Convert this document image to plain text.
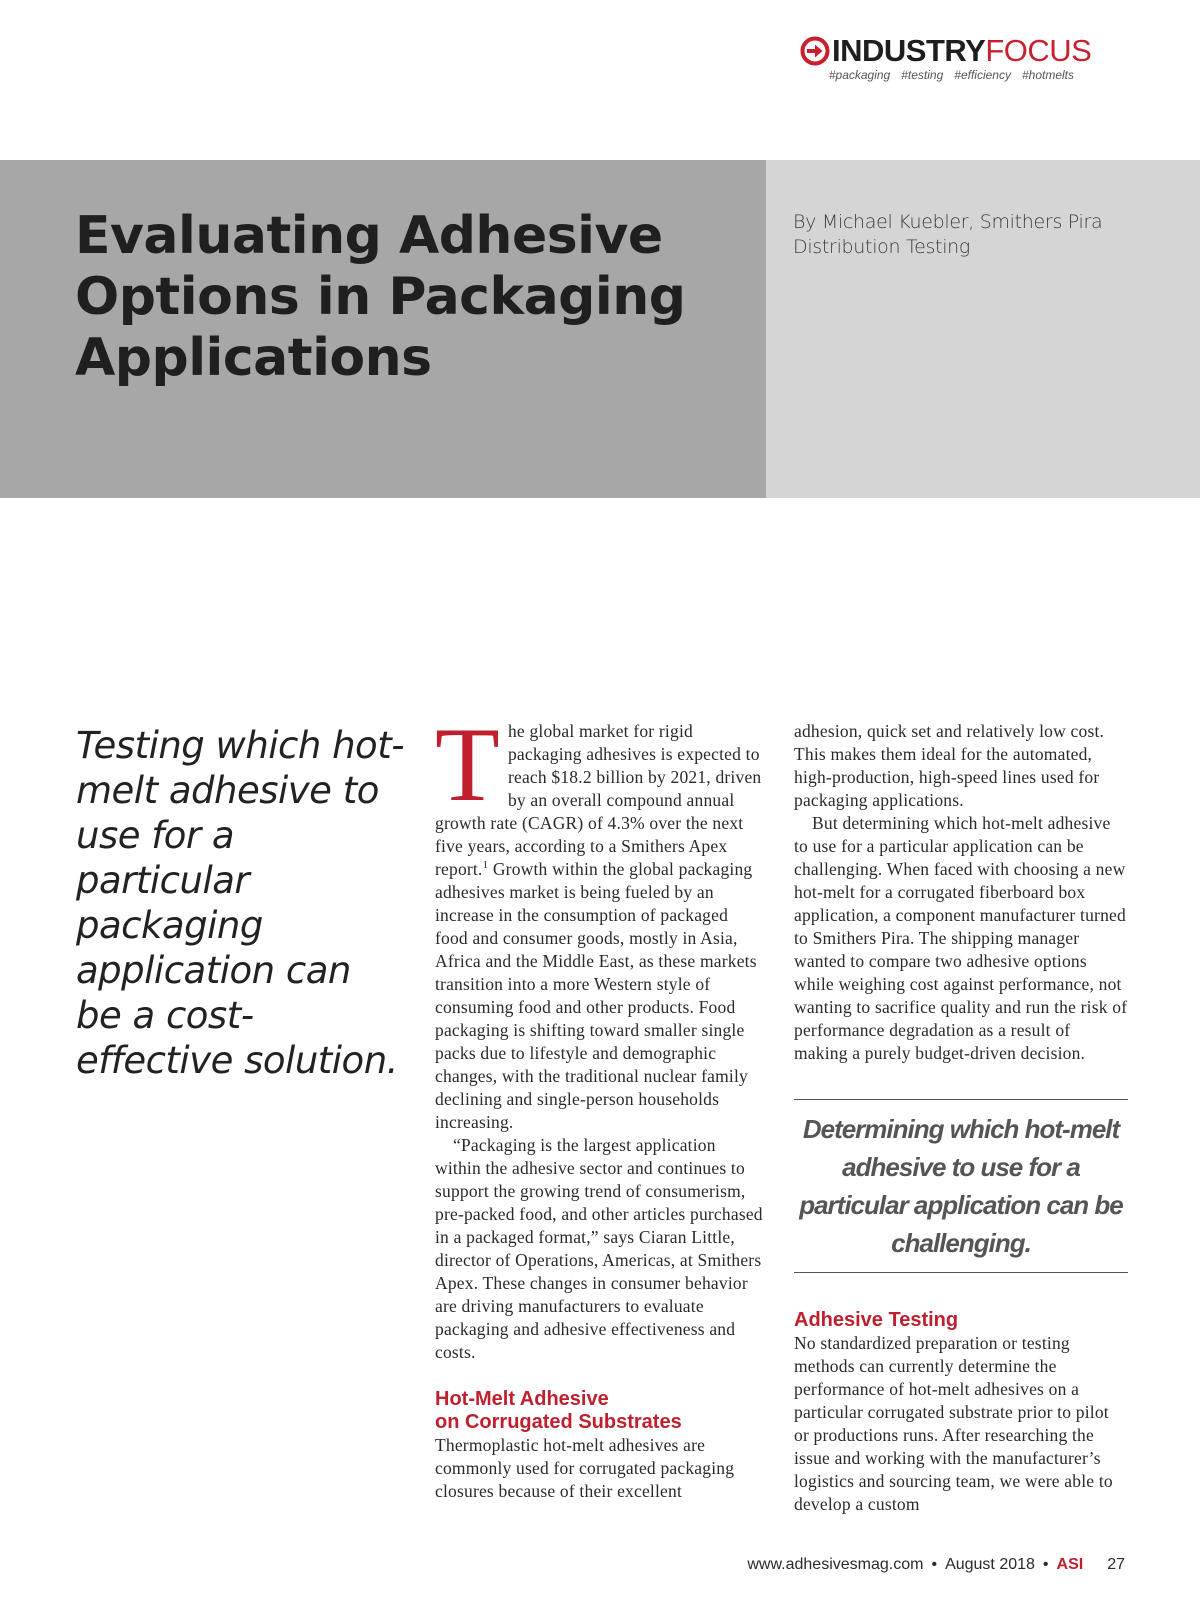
INDUSTRY FOCUS
#packaging #testing #efficiency #hotmelts
Evaluating Adhesive
Options in Packaging
Applications
By Michael Kuebler, Smithers Pira
Distribution Testing
Testing which hot-melt adhesive to use for a particular packaging application can be a cost-effective solution.

The global market for rigid packaging adhesives is expected to reach $18.2 billion by 2021, driven by an overall compound annual growth rate (CAGR) of 4.3% over the next five years, according to a Smithers Apex report.$^1$ Growth within the global packaging adhesives market is being fueled by an increase in the consumption of packaged food and consumer goods, mostly in Asia, Africa and the Middle East, as these markets transition into a more Western style of consuming food and other products. Food packaging is shifting toward smaller single packs due to lifestyle and demographic changes, with the traditional nuclear family declining and single-person households increasing.

“Packaging is the largest application within the adhesive sector and continues to support the growing trend of consumerism, pre-packed food, and other articles purchased in a packaged format,” says Ciaran Little, director of Operations, Americas, at Smithers Apex. These changes in consumer behavior are driving manufacturers to evaluate packaging and adhesive effectiveness and costs.

Hot-Melt Adhesive
on Corrugated Substrates

Thermoplastic hot-melt adhesives are commonly used for corrugated packaging closures because of their excellent

adhesion, quick set and relatively low cost. This makes them ideal for the automated, high-production, high-speed lines used for packaging applications.

But determining which hot-melt adhesive to use for a particular application can be challenging. When faced with choosing a new hot-melt for a corrugated fiberboard box application, a component manufacturer turned to Smithers Pira. The shipping manager wanted to compare two adhesive options while weighing cost against performance, not wanting to sacrifice quality and run the risk of performance degradation as a result of making a purely budget-driven decision.

Determining which hot-melt adhesive to use for a particular application can be challenging.
Adhesive Testing

No standardized preparation or testing methods can currently determine the performance of hot-melt adhesives on a particular corrugated substrate prior to pilot or productions runs. After researching the issue and working with the manufacturer’s logistics and sourcing team, we were able to develop a custom

www.adhesivesmag.com • August 2018 • ASI 27
